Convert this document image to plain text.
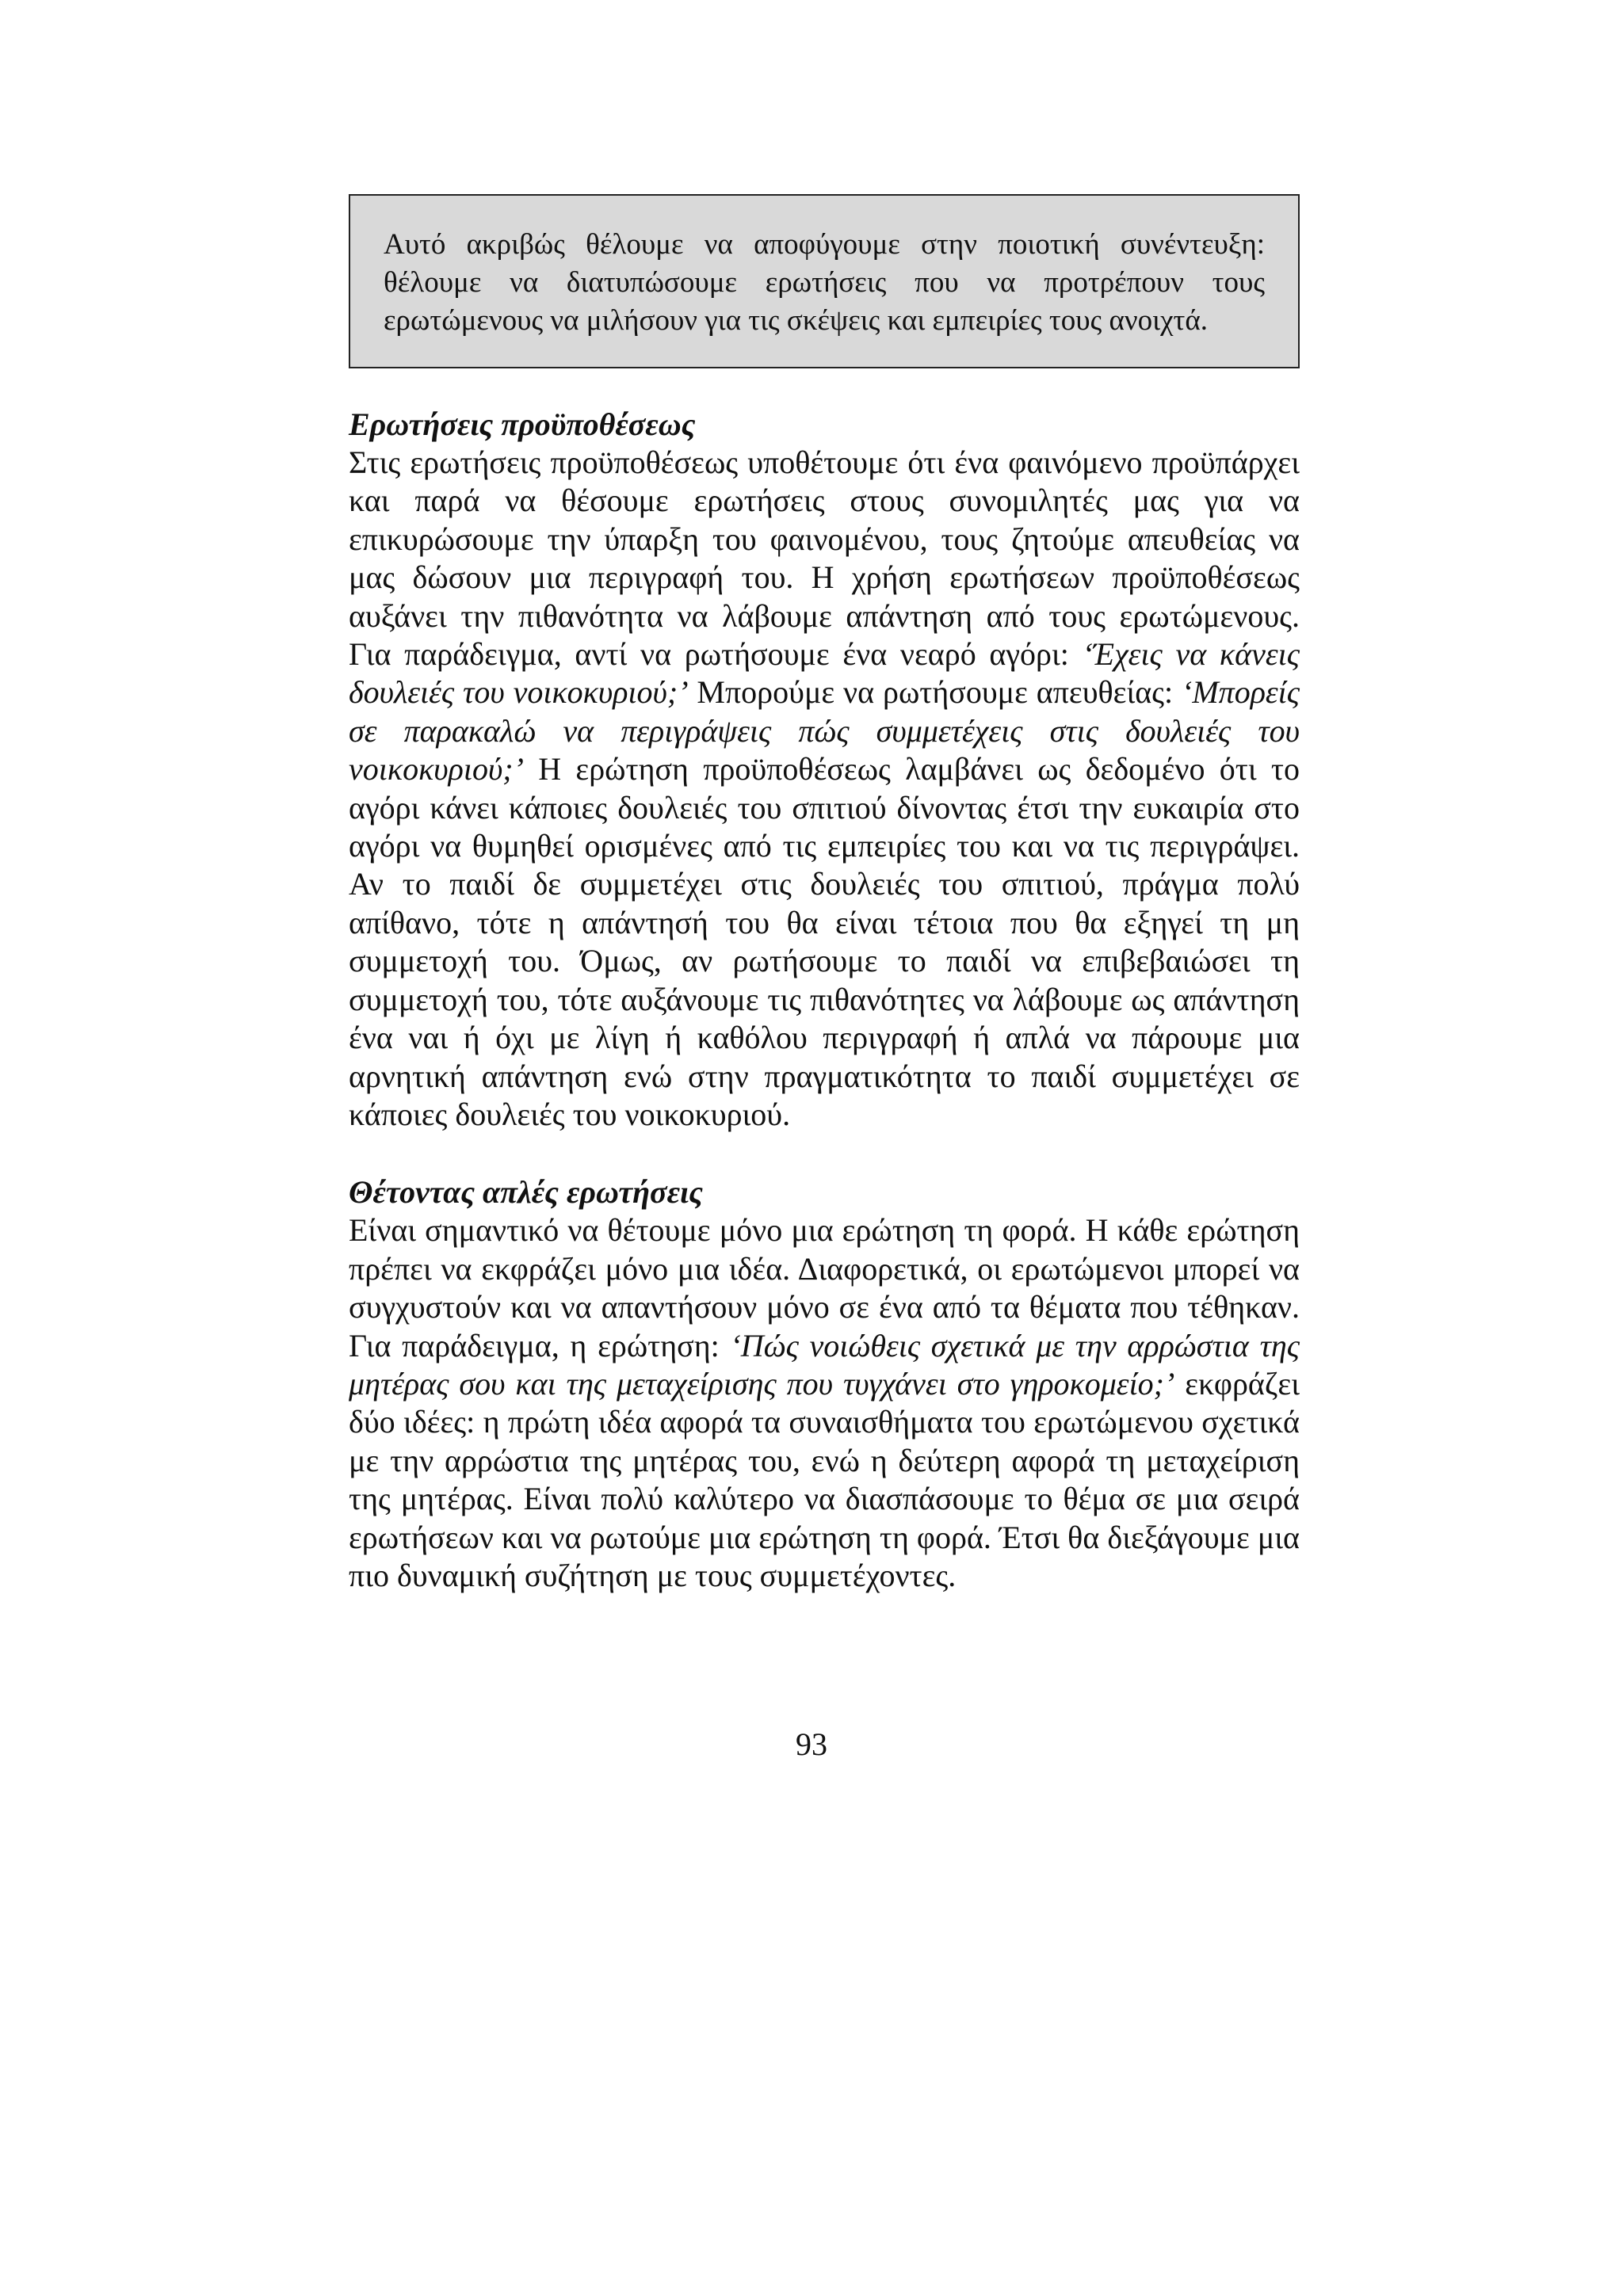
Αυτό ακριβώς θέλουμε να αποφύγουμε στην ποιοτική συνέντευξη: θέλουμε να διατυπώσουμε ερωτήσεις που να προτρέπουν τους ερωτώμενους να μιλήσουν για τις σκέψεις και εμπειρίες τους ανοιχτά.

Ερωτήσεις προϋποθέσεως

Στις ερωτήσεις προϋποθέσεως υποθέτουμε ότι ένα φαινόμενο προϋπάρχει και παρά να θέσουμε ερωτήσεις στους συνομιλητές μας για να επικυρώσουμε την ύπαρξη του φαινομένου, τους ζητούμε απευθείας να μας δώσουν μια περιγραφή του. Η χρήση ερωτήσεων προϋποθέσεως αυξάνει την πιθανότητα να λάβουμε απάντηση από τους ερωτώμενους. Για παράδειγμα, αντί να ρωτήσουμε ένα νεαρό αγόρι: ‘Έχεις να κάνεις δουλειές του νοικοκυριού;’ Μπορούμε να ρωτήσουμε απευθείας: ‘Μπορείς σε παρακαλώ να περιγράψεις πώς συμμετέχεις στις δουλειές του νοικοκυριού;’ Η ερώτηση προϋποθέσεως λαμβάνει ως δεδομένο ότι το αγόρι κάνει κάποιες δουλειές του σπιτιού δίνοντας έτσι την ευκαιρία στο αγόρι να θυμηθεί ορισμένες από τις εμπειρίες του και να τις περιγράψει. Αν το παιδί δε συμμετέχει στις δουλειές του σπιτιού, πράγμα πολύ απίθανο, τότε η απάντησή του θα είναι τέτοια που θα εξηγεί τη μη συμμετοχή του. Όμως, αν ρωτήσουμε το παιδί να επιβεβαιώσει τη συμμετοχή του, τότε αυξάνουμε τις πιθανότητες να λάβουμε ως απάντηση ένα ναι ή όχι με λίγη ή καθόλου περιγραφή ή απλά να πάρουμε μια αρνητική απάντηση ενώ στην πραγματικότητα το παιδί συμμετέχει σε κάποιες δουλειές του νοικοκυριού.

Θέτοντας απλές ερωτήσεις

Είναι σημαντικό να θέτουμε μόνο μια ερώτηση τη φορά. Η κάθε ερώτηση πρέπει να εκφράζει μόνο μια ιδέα. Διαφορετικά, οι ερωτώμενοι μπορεί να συγχυστούν και να απαντήσουν μόνο σε ένα από τα θέματα που τέθηκαν. Για παράδειγμα, η ερώτηση: ‘Πώς νοιώθεις σχετικά με την αρρώστια της μητέρας σου και της μεταχείρισης που τυγχάνει στο γηροκομείο;’ εκφράζει δύο ιδέες: η πρώτη ιδέα αφορά τα συναισθήματα του ερωτώμενου σχετικά με την αρρώστια της μητέρας του, ενώ η δεύτερη αφορά τη μεταχείριση της μητέρας. Είναι πολύ καλύτερο να διασπάσουμε το θέμα σε μια σειρά ερωτήσεων και να ρωτούμε μια ερώτηση τη φορά. Έτσι θα διεξάγουμε μια πιο δυναμική συζήτηση με τους συμμετέχοντες.

93
